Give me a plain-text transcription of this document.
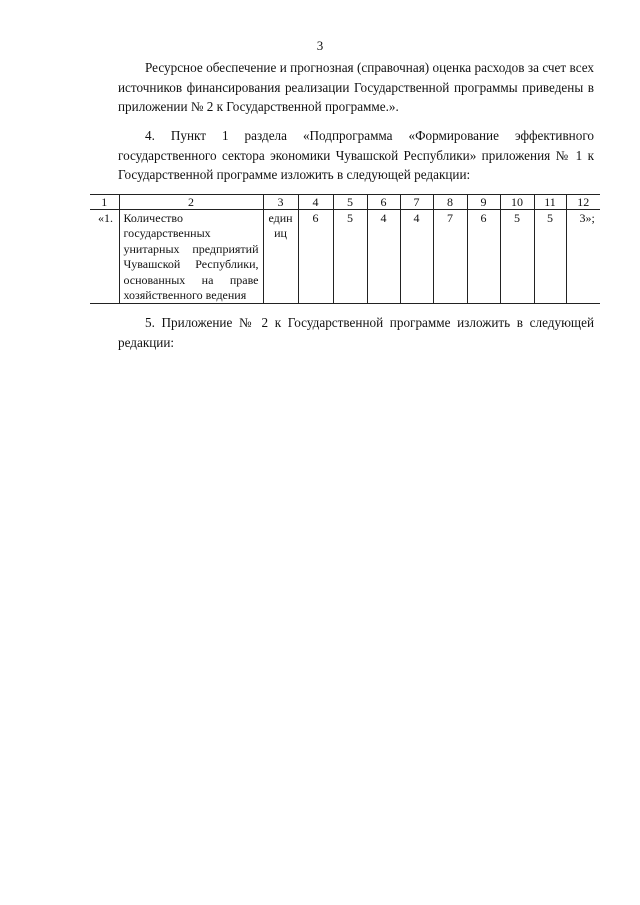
3

Ресурсное обеспечение и прогнозная (справочная) оценка расходов за счет всех источников финансирования реализации Государственной программы приведены в приложении № 2 к Государственной программе.».

4. Пункт 1 раздела «Подпрограмма «Формирование эффективного государственного сектора экономики Чувашской Республики» приложения № 1 к Государственной программе изложить в следующей редакции:

1	2	3	4	5	6	7	8	9	10	11	12
«1.	Количество государственных унитарных предприятий Чувашской Республики, основанных на праве хозяйственного ведения	единиц	6	5	4	4	7	6	5	5	3»;

5. Приложение № 2 к Государственной программе изложить в следующей редакции:
